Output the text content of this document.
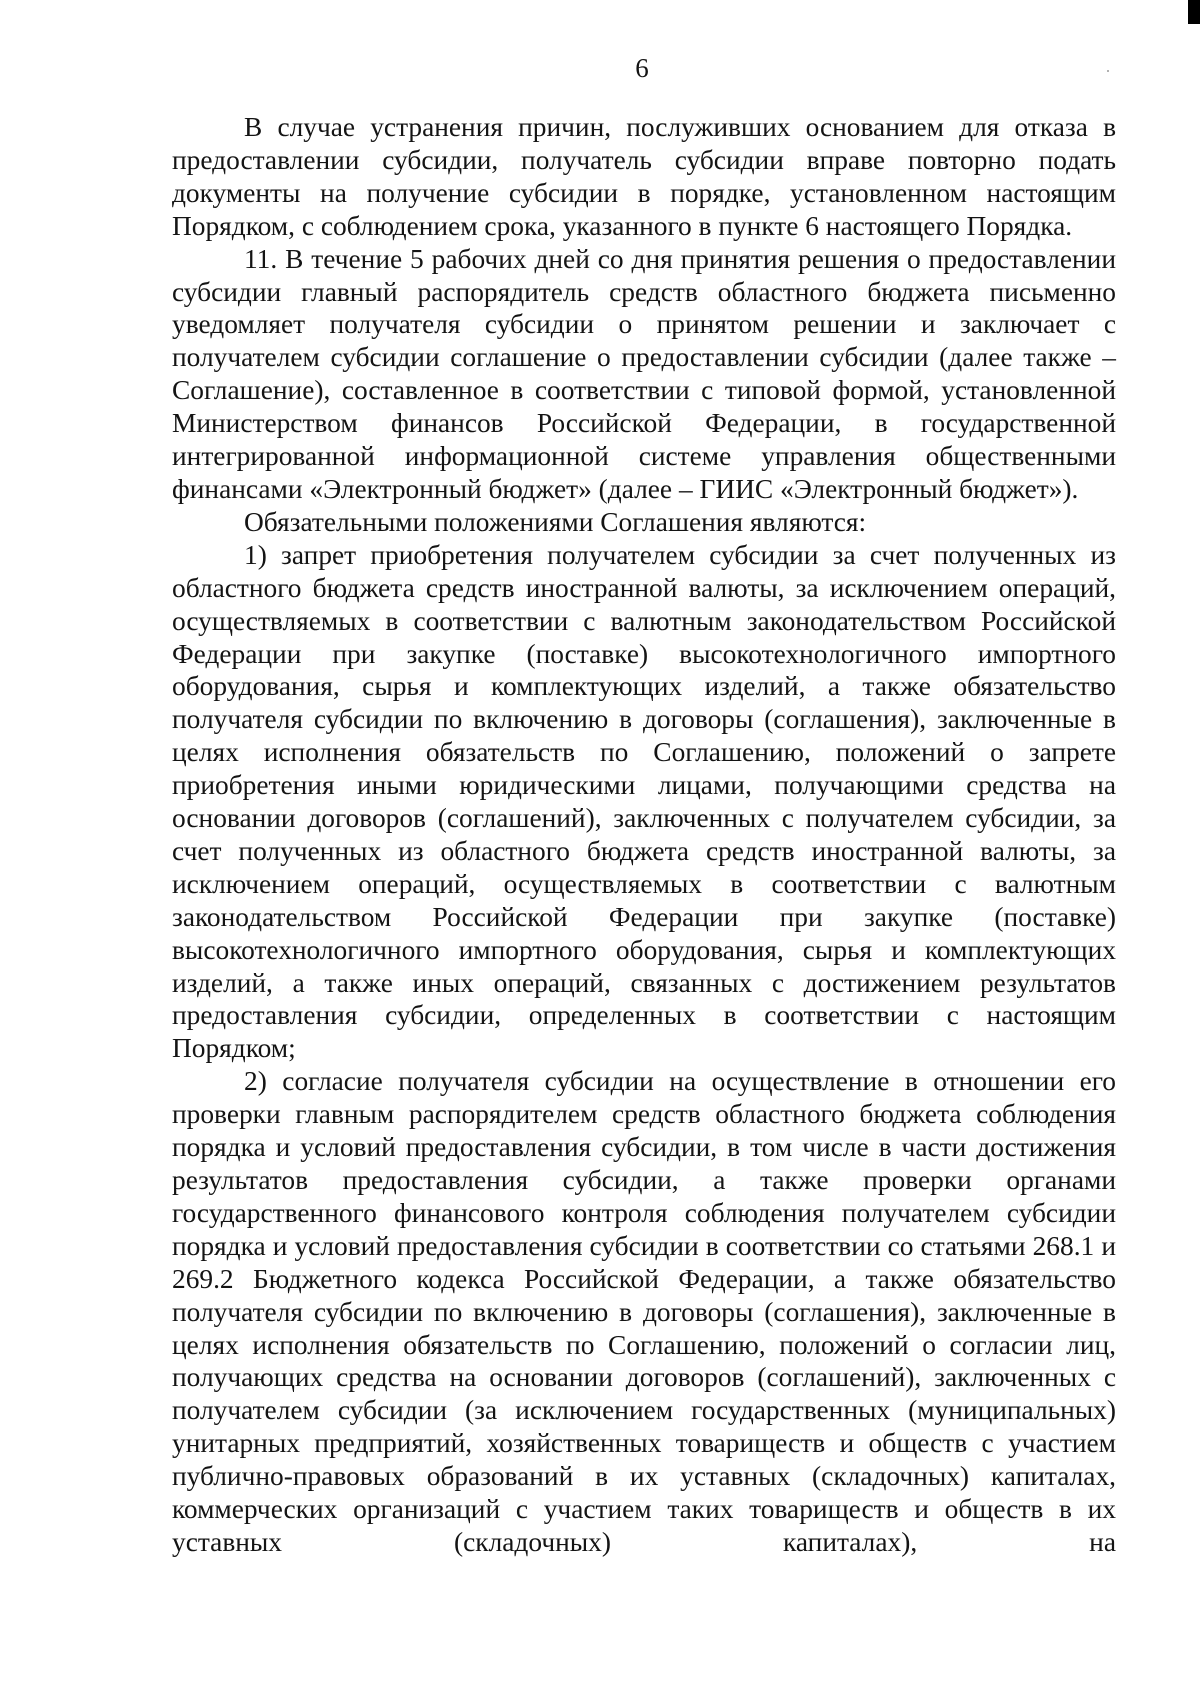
6

В случае устранения причин, послуживших основанием для отказа в предоставлении субсидии, получатель субсидии вправе повторно подать документы на получение субсидии в порядке, установленном настоящим Порядком, с соблюдением срока, указанного в пункте 6 настоящего Порядка.

11. В течение 5 рабочих дней со дня принятия решения о предоставлении субсидии главный распорядитель средств областного бюджета письменно уведомляет получателя субсидии о принятом решении и заключает с получателем субсидии соглашение о предоставлении субсидии (далее также – Соглашение), составленное в соответствии с типовой формой, установленной Министерством финансов Российской Федерации, в государственной интегрированной информационной системе управления общественными финансами «Электронный бюджет» (далее – ГИИС «Электронный бюджет»).

Обязательными положениями Соглашения являются:

1) запрет приобретения получателем субсидии за счет полученных из областного бюджета средств иностранной валюты, за исключением операций, осуществляемых в соответствии с валютным законодательством Российской Федерации при закупке (поставке) высокотехнологичного импортного оборудования, сырья и комплектующих изделий, а также обязательство получателя субсидии по включению в договоры (соглашения), заключенные в целях исполнения обязательств по Соглашению, положений о запрете приобретения иными юридическими лицами, получающими средства на основании договоров (соглашений), заключенных с получателем субсидии, за счет полученных из областного бюджета средств иностранной валюты, за исключением операций, осуществляемых в соответствии с валютным законодательством Российской Федерации при закупке (поставке) высокотехнологичного импортного оборудования, сырья и комплектующих изделий, а также иных операций, связанных с достижением результатов предоставления субсидии, определенных в соответствии с настоящим Порядком;

2) согласие получателя субсидии на осуществление в отношении его проверки главным распорядителем средств областного бюджета соблюдения порядка и условий предоставления субсидии, в том числе в части достижения результатов предоставления субсидии, а также проверки органами государственного финансового контроля соблюдения получателем субсидии порядка и условий предоставления субсидии в соответствии со статьями 268.1 и 269.2 Бюджетного кодекса Российской Федерации, а также обязательство получателя субсидии по включению в договоры (соглашения), заключенные в целях исполнения обязательств по Соглашению, положений о согласии лиц, получающих средства на основании договоров (соглашений), заключенных с получателем субсидии (за исключением государственных (муниципальных) унитарных предприятий, хозяйственных товариществ и обществ с участием публично-правовых образований в их уставных (складочных) капиталах, коммерческих организаций с участием таких товариществ и обществ в их уставных (складочных) капиталах), на
